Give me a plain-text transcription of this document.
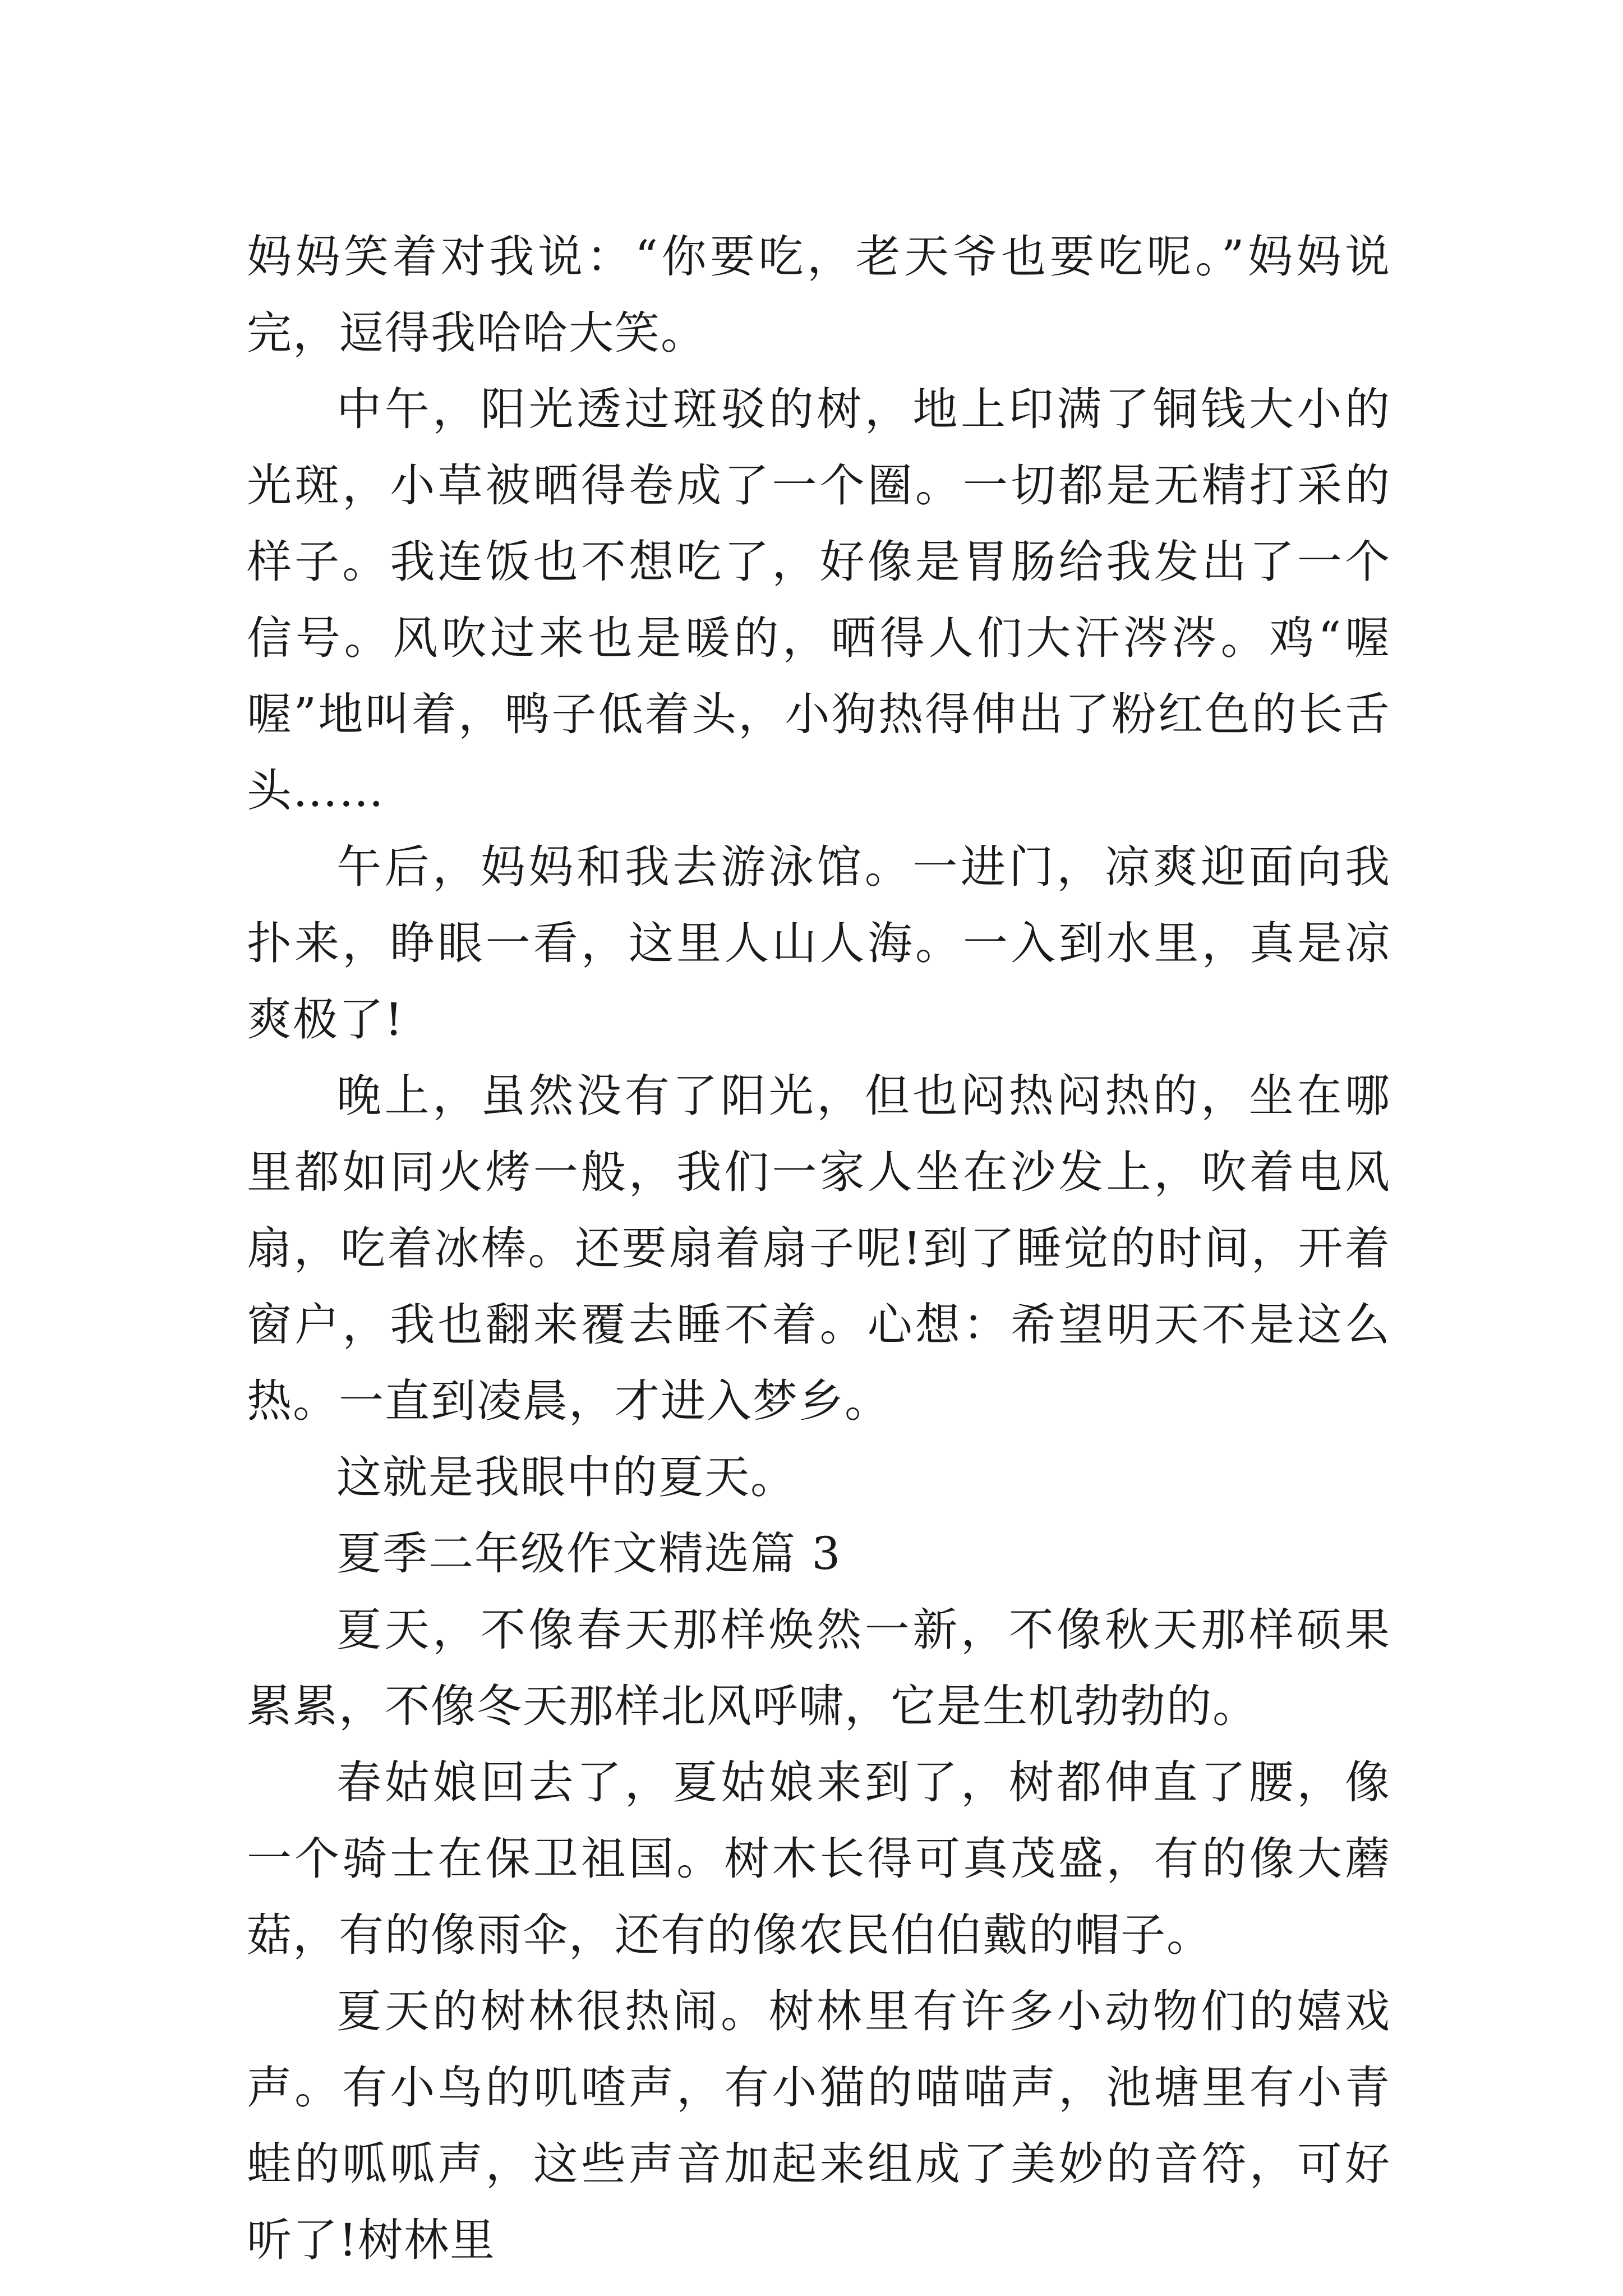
妈妈笑着对我说：“你要吃，老天爷也要吃呢。”妈妈说完，逗得我哈哈大笑。

中午，阳光透过斑驳的树，地上印满了铜钱大小的光斑，小草被晒得卷成了一个圈。一切都是无精打采的样子。我连饭也不想吃了，好像是胃肠给我发出了一个信号。风吹过来也是暖的，晒得人们大汗涔涔。鸡“喔喔”地叫着，鸭子低着头，小狗热得伸出了粉红色的长舌头……

午后，妈妈和我去游泳馆。一进门，凉爽迎面向我扑来，睁眼一看，这里人山人海。一入到水里，真是凉爽极了!

晚上，虽然没有了阳光，但也闷热闷热的，坐在哪里都如同火烤一般，我们一家人坐在沙发上，吹着电风扇，吃着冰棒。还要扇着扇子呢!到了睡觉的时间，开着窗户，我也翻来覆去睡不着。心想：希望明天不是这么热。一直到凌晨，才进入梦乡。

这就是我眼中的夏天。

夏季二年级作文精选篇 3

夏天，不像春天那样焕然一新，不像秋天那样硕果累累，不像冬天那样北风呼啸，它是生机勃勃的。

春姑娘回去了，夏姑娘来到了，树都伸直了腰，像一个骑士在保卫祖国。树木长得可真茂盛，有的像大蘑菇，有的像雨伞，还有的像农民伯伯戴的帽子。

夏天的树林很热闹。树林里有许多小动物们的嬉戏声。有小鸟的叽喳声，有小猫的喵喵声，池塘里有小青蛙的呱呱声，这些声音加起来组成了美妙的音符，可好听了!树林里
